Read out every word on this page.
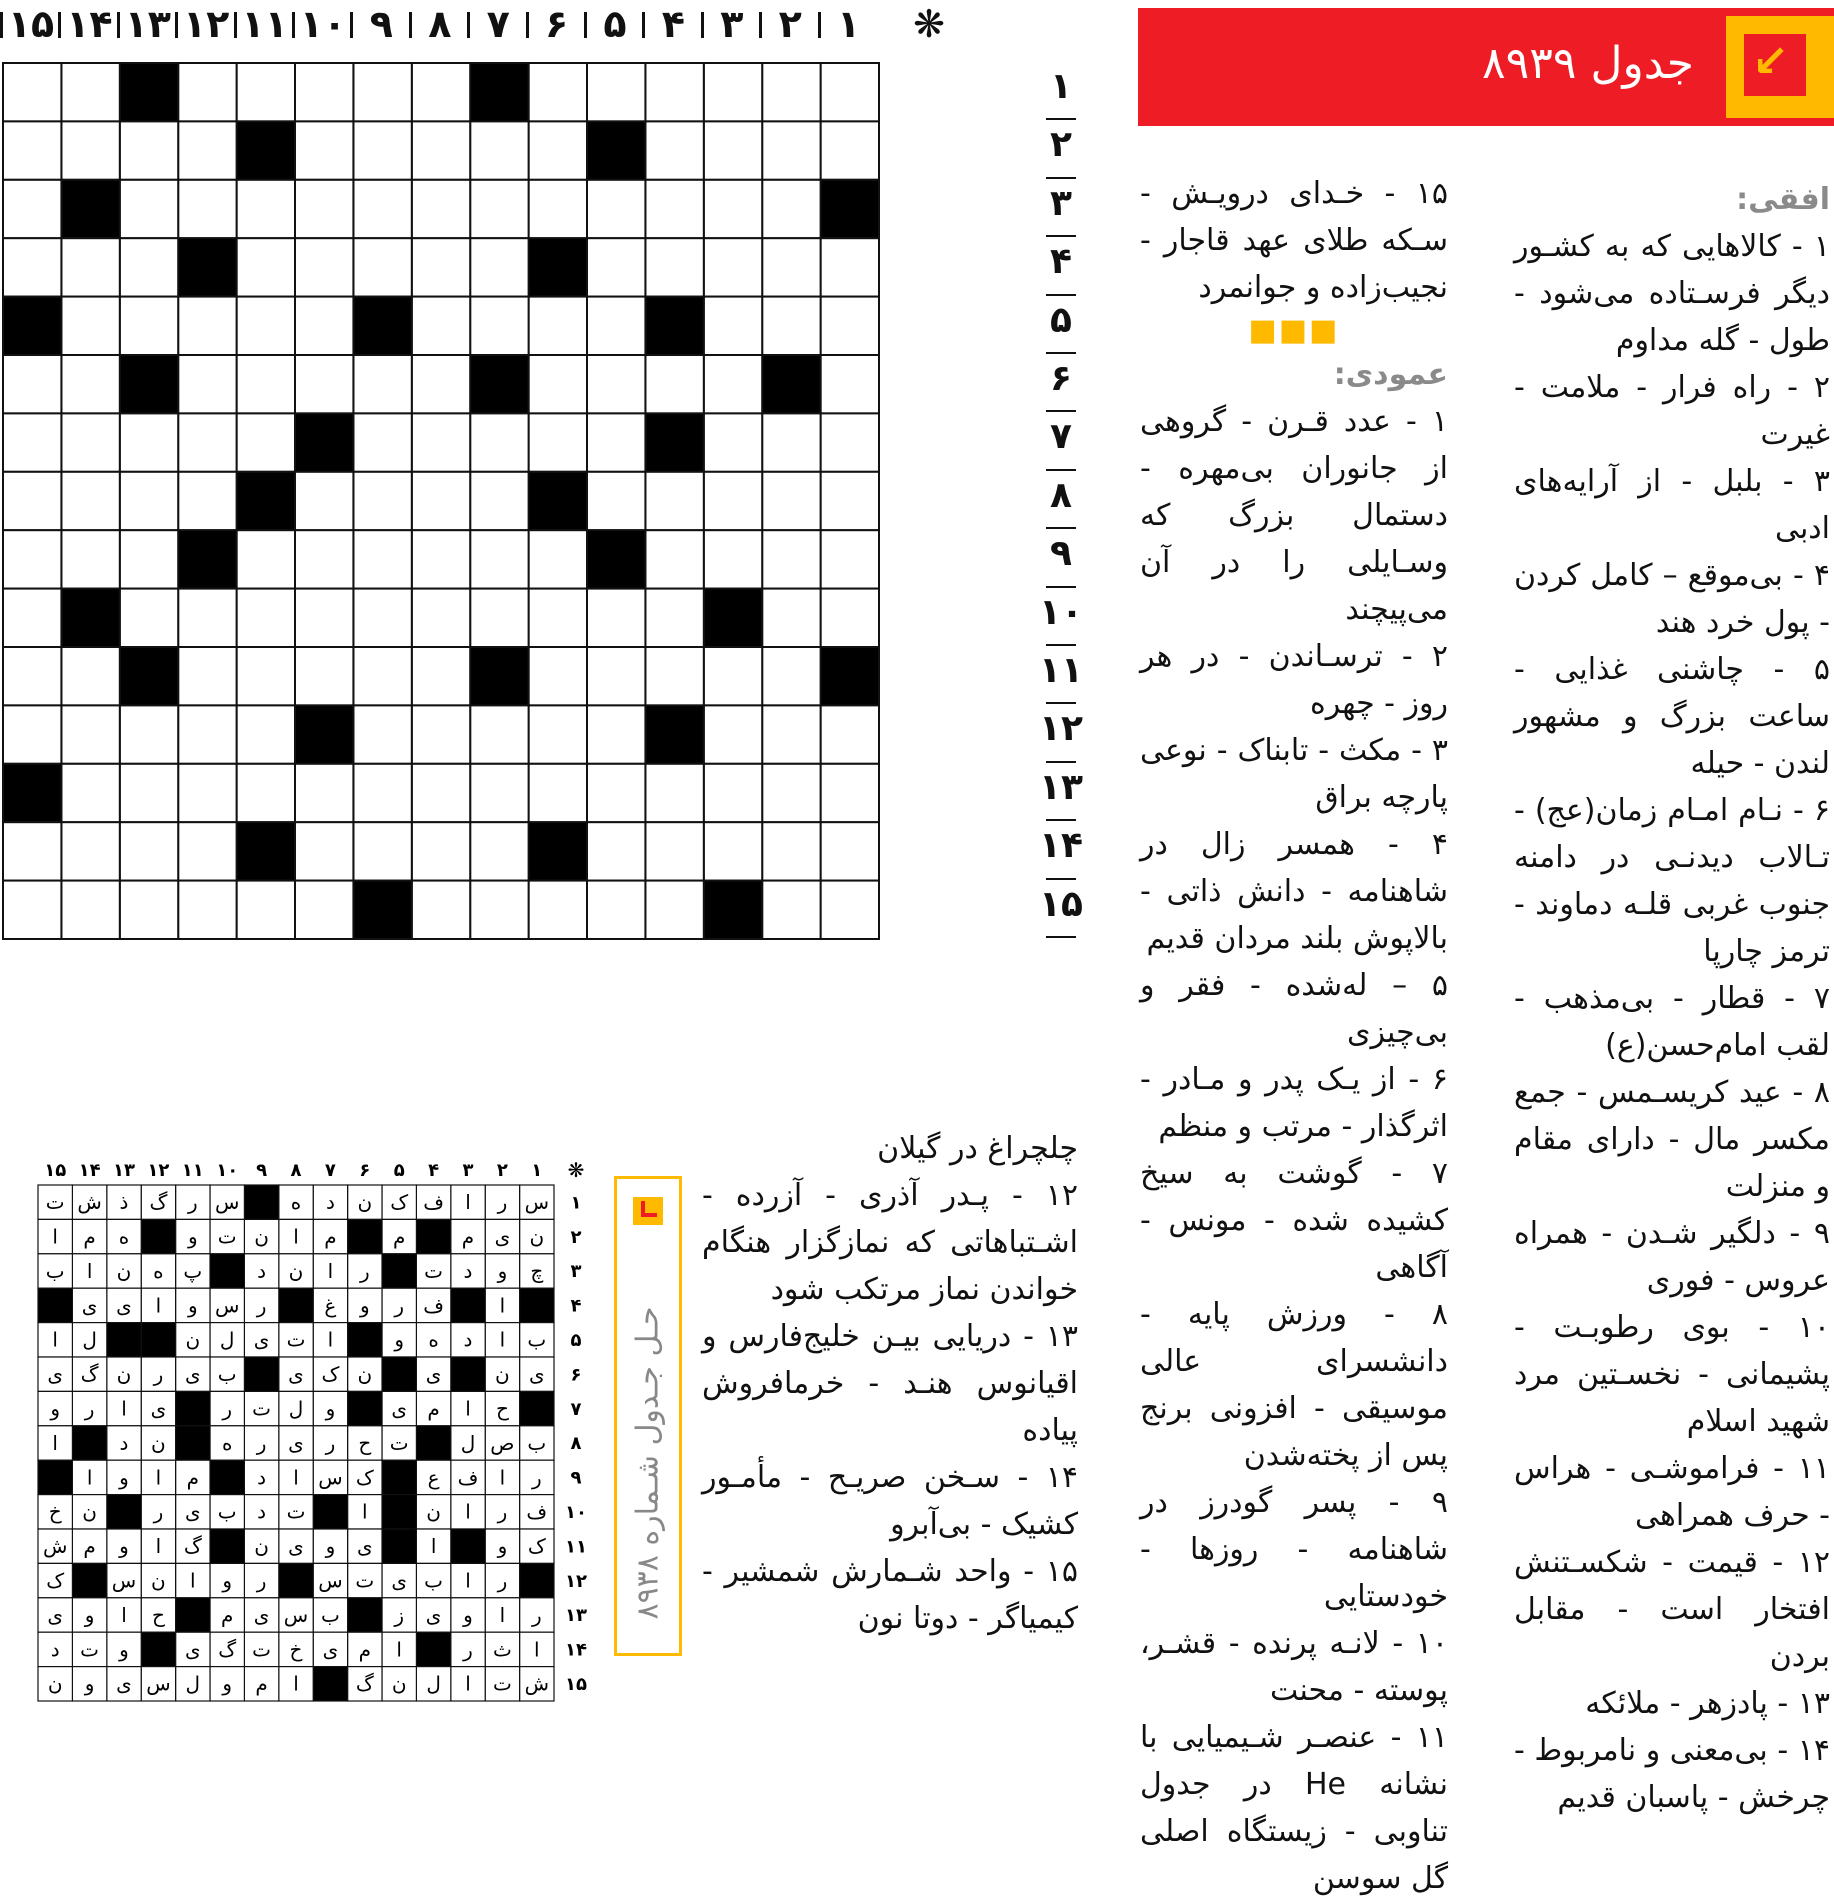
۱
۲
۳
۴
۵
۶
۷
۸
۹
۱۰
۱۱
۱۲
۱۳
۱۴
۱۵	❋
۱
۲
۳
۴
۵
۶
۷
۸
۹
۱۰
۱۱
۱۲
۱۳
۱۴
۱۵
↙
جدول ۸۹۳۹

افقی:

۱ - کالاهایی که به کشـور دیگر فرسـتاده می‌شود - طول - گله مداوم

۲ - راه فرار - ملامت - غیرت

۳ - بلبل - از آرایه‌های ادبی

۴ - بی‌موقع – کامل کردن - پول خرد هند

۵ - چاشنی غذایی - ساعت بزرگ و مشهور لندن - حیله

۶ - نـام امـام زمان(عج) - تـالاب دیدنـی در دامنه جنوب غربی قلـه دماوند - ترمز چارپا

۷ - قطار - بی‌مذهب - لقب امام‌حسن(ع)

۸ - عید کریسـمس - جمع مکسر مال - دارای مقام و منزلت

۹ - دلگیر شـدن - همراه عروس - فوری

۱۰ - بوی رطوبـت - پشیمانی - نخسـتین مرد شهید اسلام

۱۱ - فراموشـی - هراس - حرف همراهی

۱۲ - قیمت - شکسـتنش افتخار است - مقابل بردن

۱۳ - پادزهر - ملائکه

۱۴ - بی‌معنی و نامربوط - چرخش - پاسبان قدیم

۱۵ - خـدای درویـش - سـکه طلای عهد قاجار - نجیب‌زاده و جوانمرد

■■■

عمودی:

۱ - عدد قـرن - گروهی از جانوران بی‌مهره - دستمال بزرگ که وسـایلی را در آن می‌پیچند

۲ - ترسـاندن - در هر روز - چهره

۳ - مکث - تابناک - نوعی پارچه براق

۴ - همسر زال در شاهنامه - دانش ذاتی - بالاپوش بلند مردان قدیم

۵ – له‌شده - فقر و بی‌چیزی

۶ - از یـک پدر و مـادر - اثرگذار - مرتب و منظم

۷ - گوشت به سیخ کشیده شده - مونس - آگاهی

۸ - ورزش پایه - دانشسرای عالی موسیقی - افزونی برنج پس از پخته‌شدن

۹ - پسر گودرز در شاهنامه - روزها - خودستایی

۱۰ - لانـه پرنده - قشـر، پوسته - محنت

۱۱ - عنصـر شـیمیایی با نشانه He در جدول تناوبی - زیستگاه اصلی گل سوسن

چلچراغ در گیلان

۱۲ - پـدر آذری - آزرده - اشـتباهاتی که نمازگزار هنگام خواندن نماز مرتکب شود

۱۳ - دریایی بیـن خلیج‌فارس و اقیانوس هنـد - خرمافروش پیاده

۱۴ - سـخن صریـح - مأمـور کشیک - بی‌آبرو

۱۵ - واحد شـمارش شمشیر - کیمیاگر - دوتا نون

حـل جـدول شـماره ۸۹۳۸
۱
۲
۳
۴
۵
۶
۷
۸
۹
۱۰
۱۱
۱۲
۱۳
۱۴
۱۵	❋
۱
س
ر
ا
ف
ک
ن
د
ه
س
ر
گ
ذ
ش
ت
۲
ن
ی
م
م
م
ا
ن
ت
و
ه
م
ا
۳
چ
و
د
ت
ر
ا
ن
د
پ
ه
ن
ا
ب
۴
ا
ف
ر
و
غ
ر
س
و
ا
ی
ی
۵
ب
ا
د
ه
و
ا
ت
ی
ل
ن
ل
ا
۶
ی
ن
ی
ن
ک
ی
ب
ی
ر
ن
گ
ی
۷
ح
ا
م
ی
و
ل
ت
ر
ی
ا
ر
و
۸
ب
ص
ل
ت
ح
ر
ی
ر
ه
ن
د
ا
۹
ر
ا
ف
ع
ک
س
ا
د
م
ا
و
ا
۱۰
ف
ر
ا
ن
ا
ت
د
ب
ی
ر
ن
خ
۱۱
ک
و
ا
ی
و
ی
ن
گ
ا
و
م
ش
۱۲
ر
ا
ب
ی
ت
س
ر
و
ا
ن
س
ک
۱۳
ر
ا
و
ی
ز
ب
س
ی
م
ح
ا
و
ی
۱۴
ا
ث
ر
ا
م
ی
خ
ت
گ
ی
و
ت
د
۱۵
ش
ت
ا
ل
ن
گ
ا
م
و
ل
س
ی
و
ن
